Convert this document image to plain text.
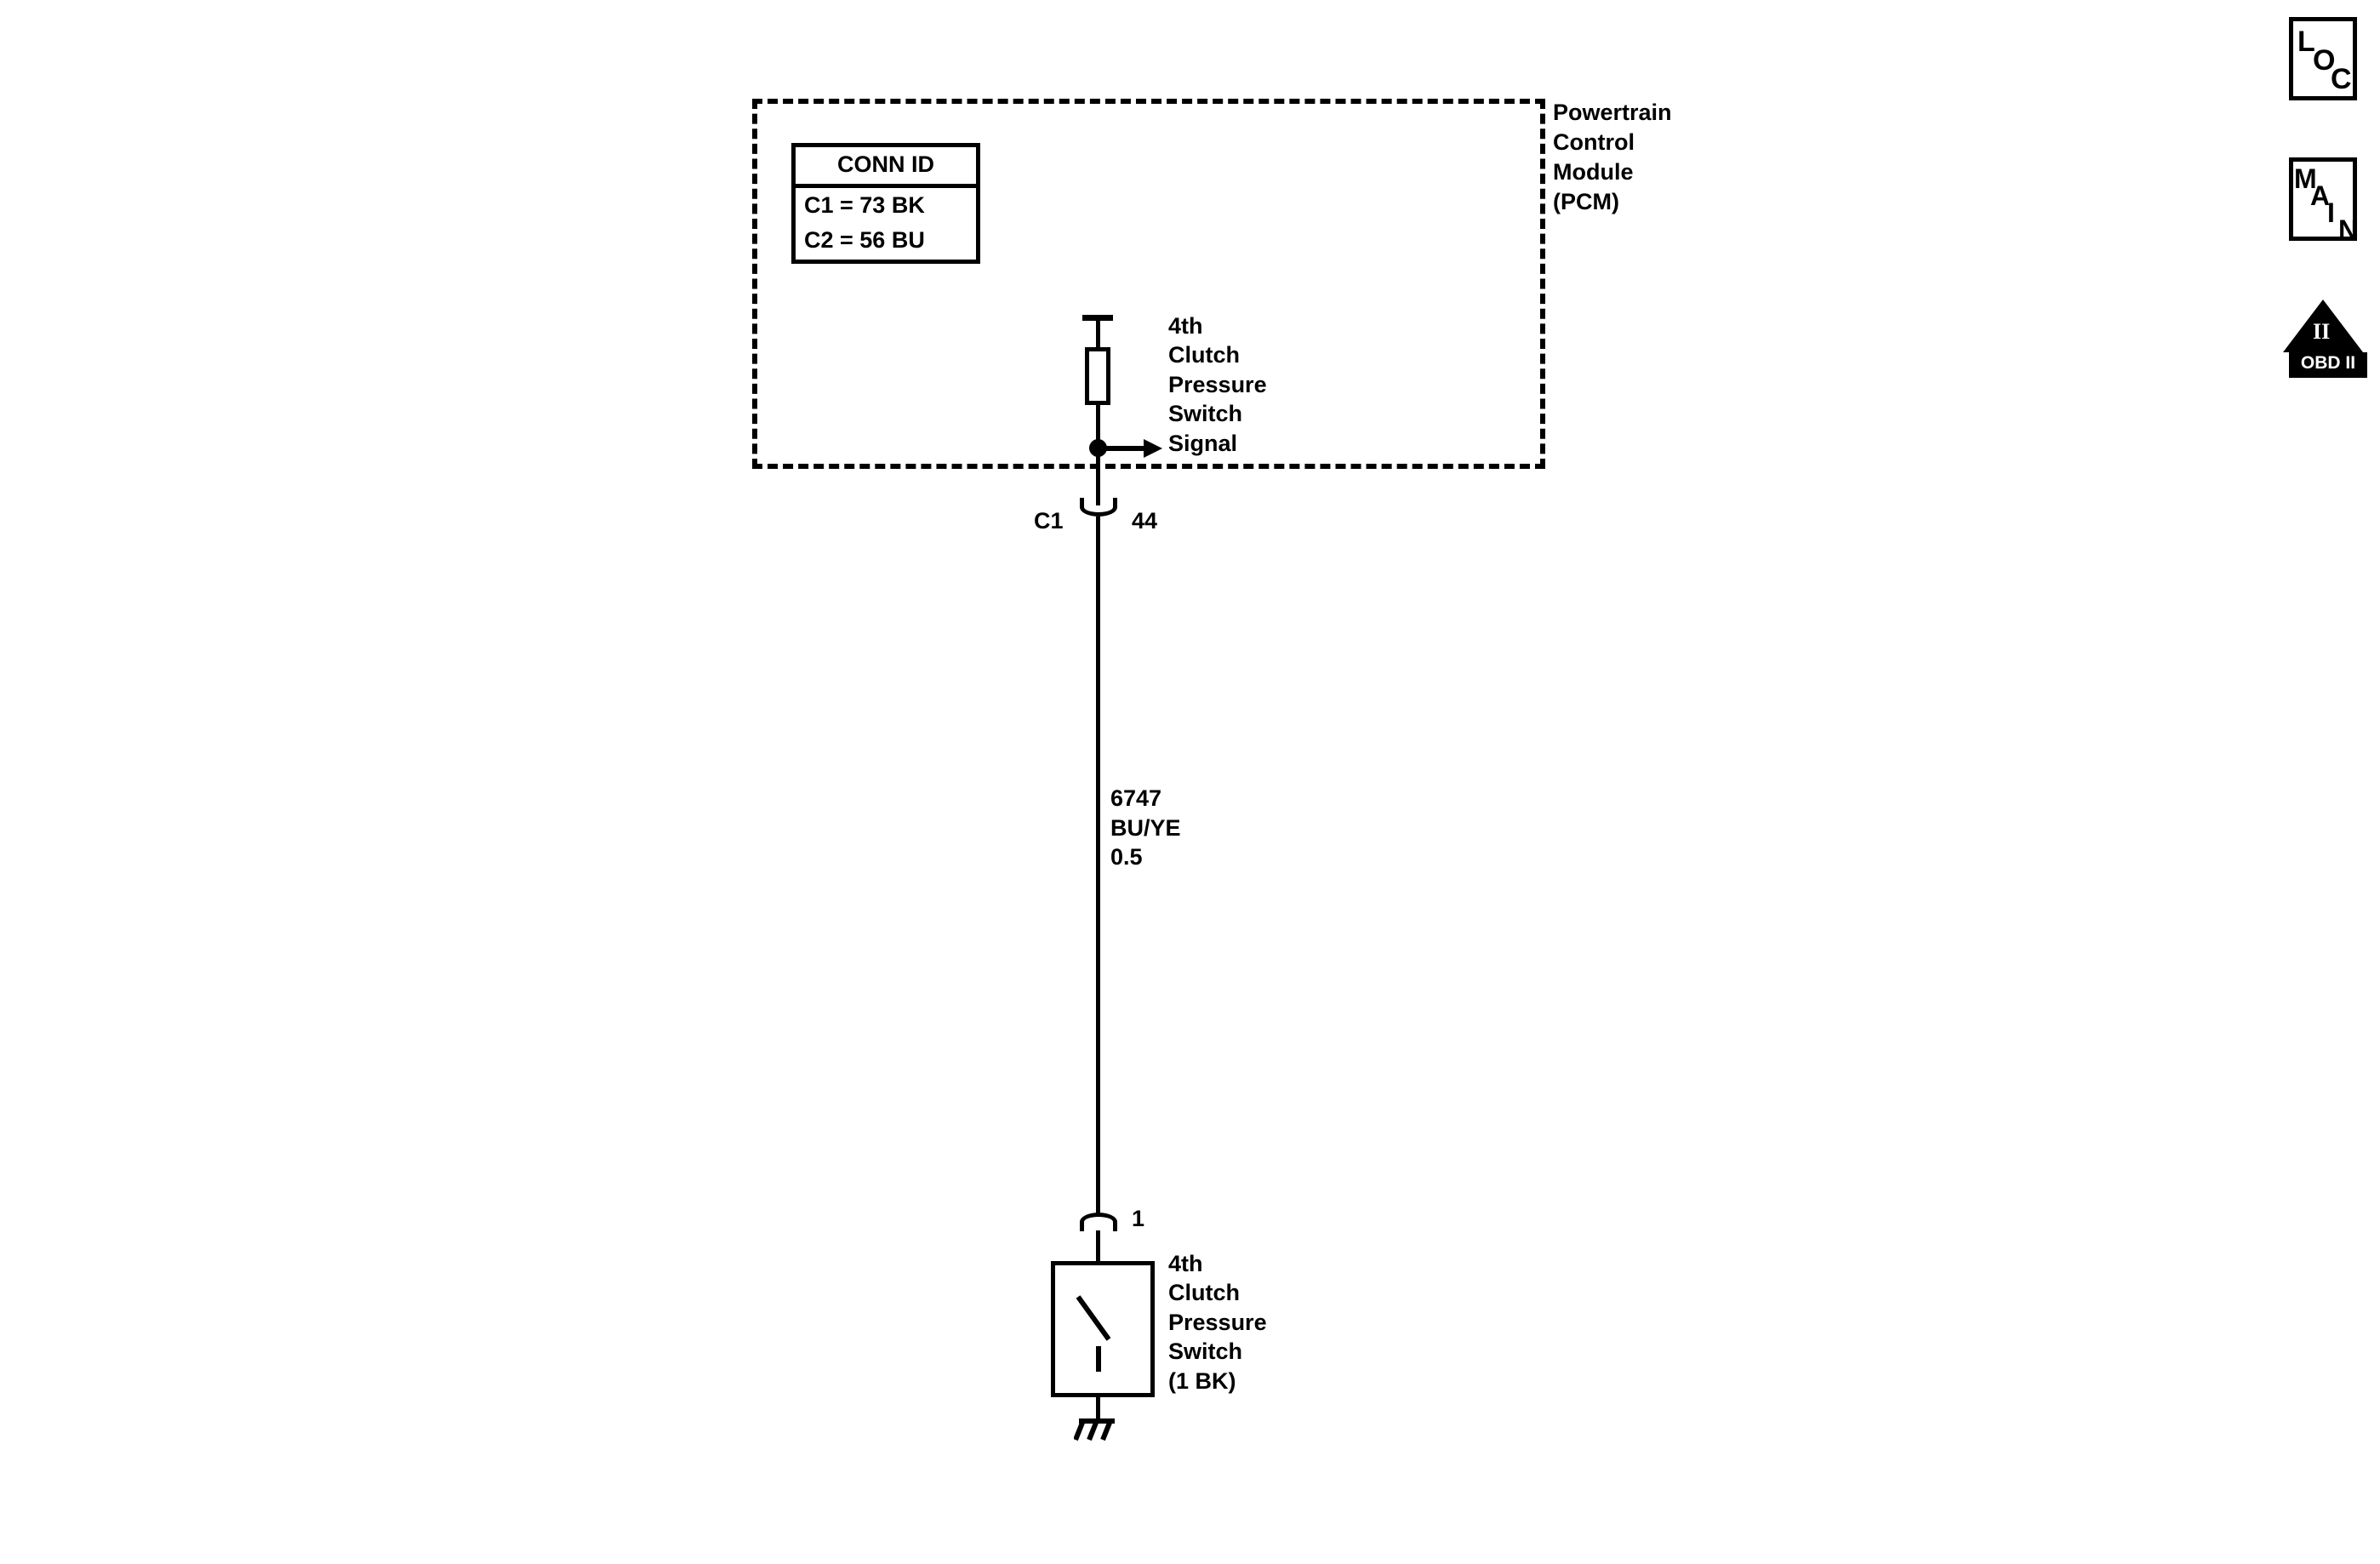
Powertrain
Control
Module
(PCM)
CONN ID
C1 = 73 BK
C2 = 56 BU
4th
Clutch
Pressure
Switch
Signal
C1	44
6747
BU/YE
0.5
1
4th
Clutch
Pressure
Switch
(1 BK)
L
O
C
M
A
I
N
II
OBD II
